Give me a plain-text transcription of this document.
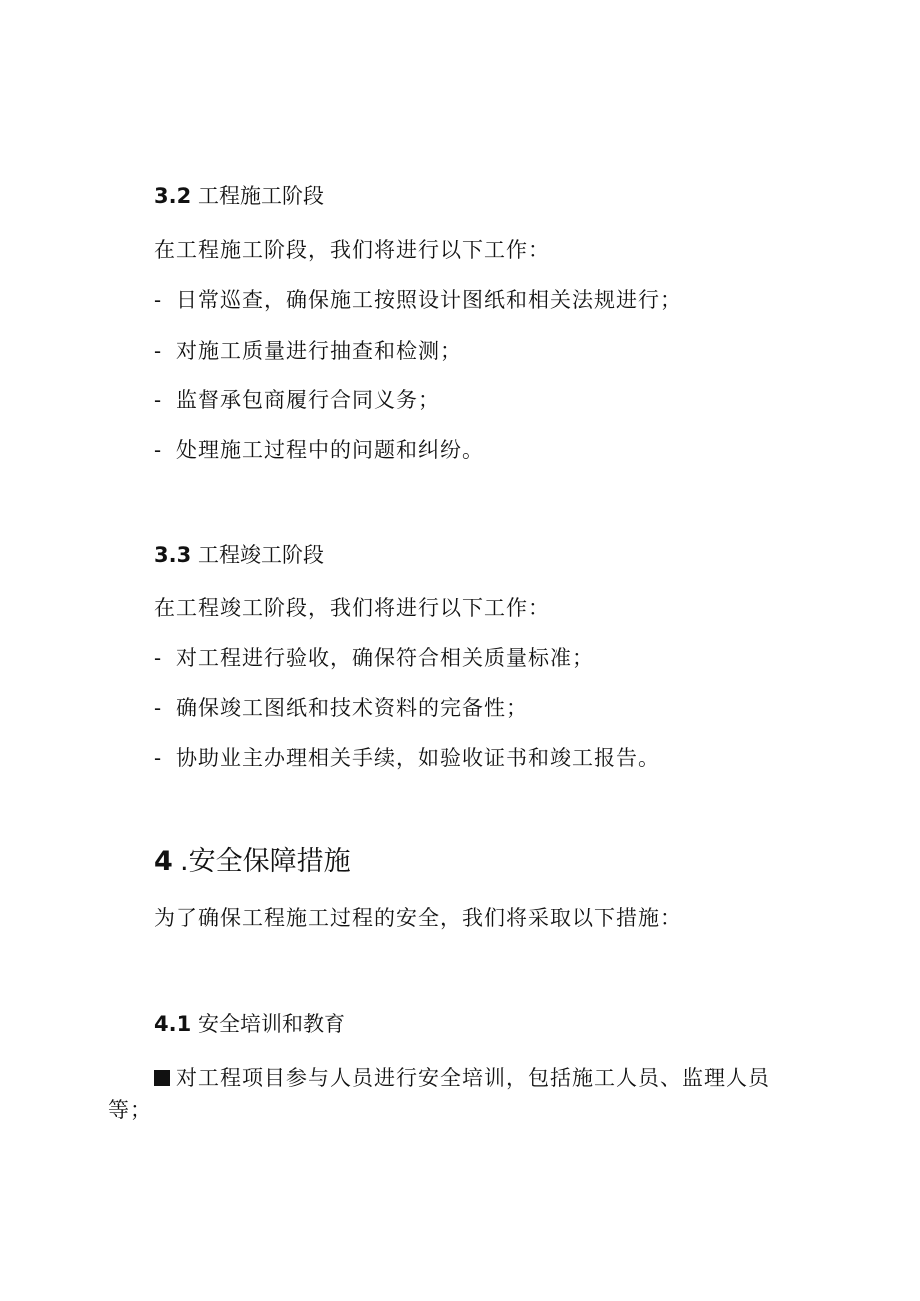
3.2 工程施工阶段
在工程施工阶段，我们将进行以下工作：
- 日常巡查，确保施工按照设计图纸和相关法规进行；
- 对施工质量进行抽查和检测；
- 监督承包商履行合同义务；
- 处理施工过程中的问题和纠纷。
3.3 工程竣工阶段
在工程竣工阶段，我们将进行以下工作：
- 对工程进行验收，确保符合相关质量标准；
- 确保竣工图纸和技术资料的完备性；
- 协助业主办理相关手续，如验收证书和竣工报告。
4 .安全保障措施
为了确保工程施工过程的安全，我们将采取以下措施：
4.1 安全培训和教育
对工程项目参与人员进行安全培训，包括施工人员、监理人员
等；
